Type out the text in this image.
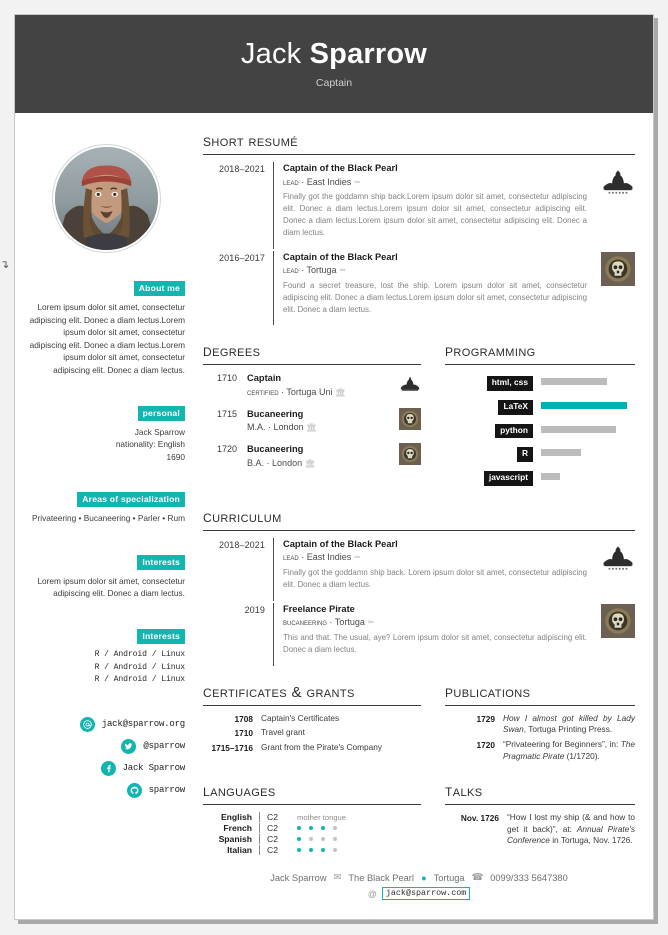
↴
Jack Sparrow
Captain
About me
Lorem ipsum dolor sit amet, consectetur adipiscing elit. Donec a diam lectus.Lorem ipsum dolor sit amet, consectetur adipiscing elit. Donec a diam lectus.Lorem ipsum dolor sit amet, consectetur adipiscing elit. Donec a diam lectus.
personal
Jack Sparrow
nationality: English
1690
Areas of specialization
Privateering • Bucaneering • Parler • Rum
Interests
Lorem ipsum dolor sit amet, consectetur adipiscing elit. Donec a diam lectus.
Interests
R / Android / Linux
R / Android / Linux
R / Android / Linux
jack@sparrow.org
@sparrow
Jack Sparrow
sparrow
short resumé
2018–2021	Captain of the Black Pearl
lead · East Indies ⚰
Finally got the goddamn ship back.Lorem ipsum dolor sit amet, consectetur adipiscing elit. Donec a diam lectus.Lorem ipsum dolor sit amet, consectetur adipiscing elit. Donec a diam lectus.Lorem ipsum dolor sit amet, consectetur adipiscing elit. Donec a diam lectus.
2016–2017	Captain of the Black Pearl
lead · Tortuga ⚰
Found a secret treasure, lost the ship. Lorem ipsum dolor sit amet, consectetur adipiscing elit. Donec a diam lectus.Lorem ipsum dolor sit amet, consectetur adipiscing elit. Donec a diam lectus.
degrees
1710	Captain
certified · Tortuga Uni 🏛
1715	Bucaneering
M.A. · London 🏛
1720	Bucaneering
B.A. · London 🏛
programming
html, css
LaTeX
python
R
javascript
curriculum
2018–2021	Captain of the Black Pearl
lead · East Indies ⚰
Finally got the goddamn ship back. Lorem ipsum dolor sit amet, consectetur adipiscing elit. Donec a diam lectus.
2019	Freelance Pirate
bucaneering · Tortuga ⚰
This and that. The usual, aye? Lorem ipsum dolor sit amet, consectetur adipiscing elit. Donec a diam lectus.
certificates & grants
1708 Captain's Certificates
1710 Travel grant
1715–1716 Grant from the Pirate's Company
publications
1729 How I almost got killed by Lady Swan, Tortuga Printing Press.
1720 “Privateering for Beginners”, in: The Pragmatic Pirate (1/1720).
languages
English	C2	mother tongue
French	C2
Spanish	C2
Italian	C2
talks
Nov. 1726 “How I lost my ship (& and how to get it back)”, at: Annual Pirate's Conference in Tortuga, Nov. 1726.
Jack Sparrow ✉ The Black Pearl ● Tortuga ☎ 0099/333 5647380
@	jack@sparrow.com
